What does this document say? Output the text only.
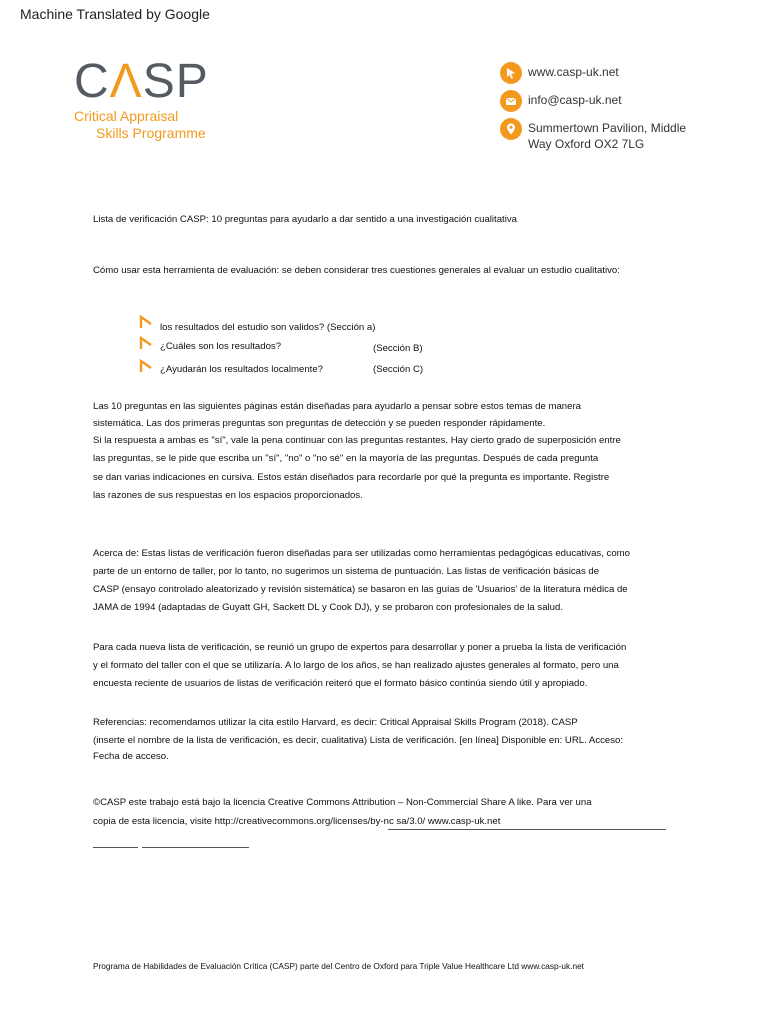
Machine Translated by Google
CΛSP
Critical Appraisal
Skills Programme
www.casp-uk.net
info@casp-uk.net
Summertown Pavilion, Middle
Way Oxford OX2 7LG
Lista de verificación CASP: 10 preguntas para ayudarlo a dar sentido a una investigación cualitativa
Cómo usar esta herramienta de evaluación: se deben considerar tres cuestiones generales al evaluar un estudio cualitativo:
los resultados del estudio son validos? (Sección a)
¿Cuáles son los resultados?	(Sección B)
¿Ayudarán los resultados localmente?	(Sección C)
Las 10 preguntas en las siguientes páginas están diseñadas para ayudarlo a pensar sobre estos temas de manera
sistemática. Las dos primeras preguntas son preguntas de detección y se pueden responder rápidamente.
Si la respuesta a ambas es "sí", vale la pena continuar con las preguntas restantes. Hay cierto grado de superposición entre
las preguntas, se le pide que escriba un "sí", "no" o "no sé" en la mayoría de las preguntas. Después de cada pregunta
se dan varias indicaciones en cursiva. Estos están diseñados para recordarle por qué la pregunta es importante. Registre
las razones de sus respuestas en los espacios proporcionados.
Acerca de: Estas listas de verificación fueron diseñadas para ser utilizadas como herramientas pedagógicas educativas, como
parte de un entorno de taller, por lo tanto, no sugerimos un sistema de puntuación. Las listas de verificación básicas de
CASP (ensayo controlado aleatorizado y revisión sistemática) se basaron en las guías de 'Usuarios' de la literatura médica de
JAMA de 1994 (adaptadas de Guyatt GH, Sackett DL y Cook DJ), y se probaron con profesionales de la salud.
Para cada nueva lista de verificación, se reunió un grupo de expertos para desarrollar y poner a prueba la lista de verificación
y el formato del taller con el que se utilizaría. A lo largo de los años, se han realizado ajustes generales al formato, pero una
encuesta reciente de usuarios de listas de verificación reiteró que el formato básico continúa siendo útil y apropiado.
Referencias: recomendamos utilizar la cita estilo Harvard, es decir: Critical Appraisal Skills Program (2018). CASP
(inserte el nombre de la lista de verificación, es decir, cualitativa) Lista de verificación. [en línea] Disponible en: URL. Acceso:
Fecha de acceso.
©CASP este trabajo está bajo la licencia Creative Commons Attribution – Non-Commercial Share A like. Para ver una
copia de esta licencia, visite http://creativecommons.org/licenses/by-nc sa/3.0/ www.casp-uk.net
Programa de Habilidades de Evaluación Crítica (CASP) parte del Centro de Oxford para Triple Value Healthcare Ltd www.casp-uk.net
